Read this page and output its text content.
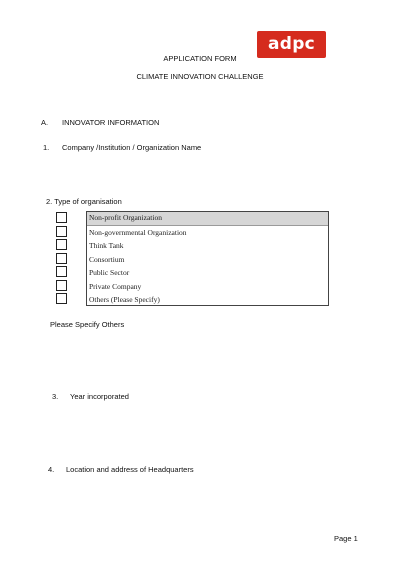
adpc
APPLICATION FORM
CLIMATE INNOVATION CHALLENGE
A. INNOVATOR INFORMATION
1. Company /Institution / Organization Name
2. Type of organisation
Non-profit Organization
Non-governmental Organization
Think Tank
Consortium
Public Sector
Private Company
Others (Please Specify)
Please Specify Others
3. Year incorporated
4. Location and address of Headquarters
Page 1
